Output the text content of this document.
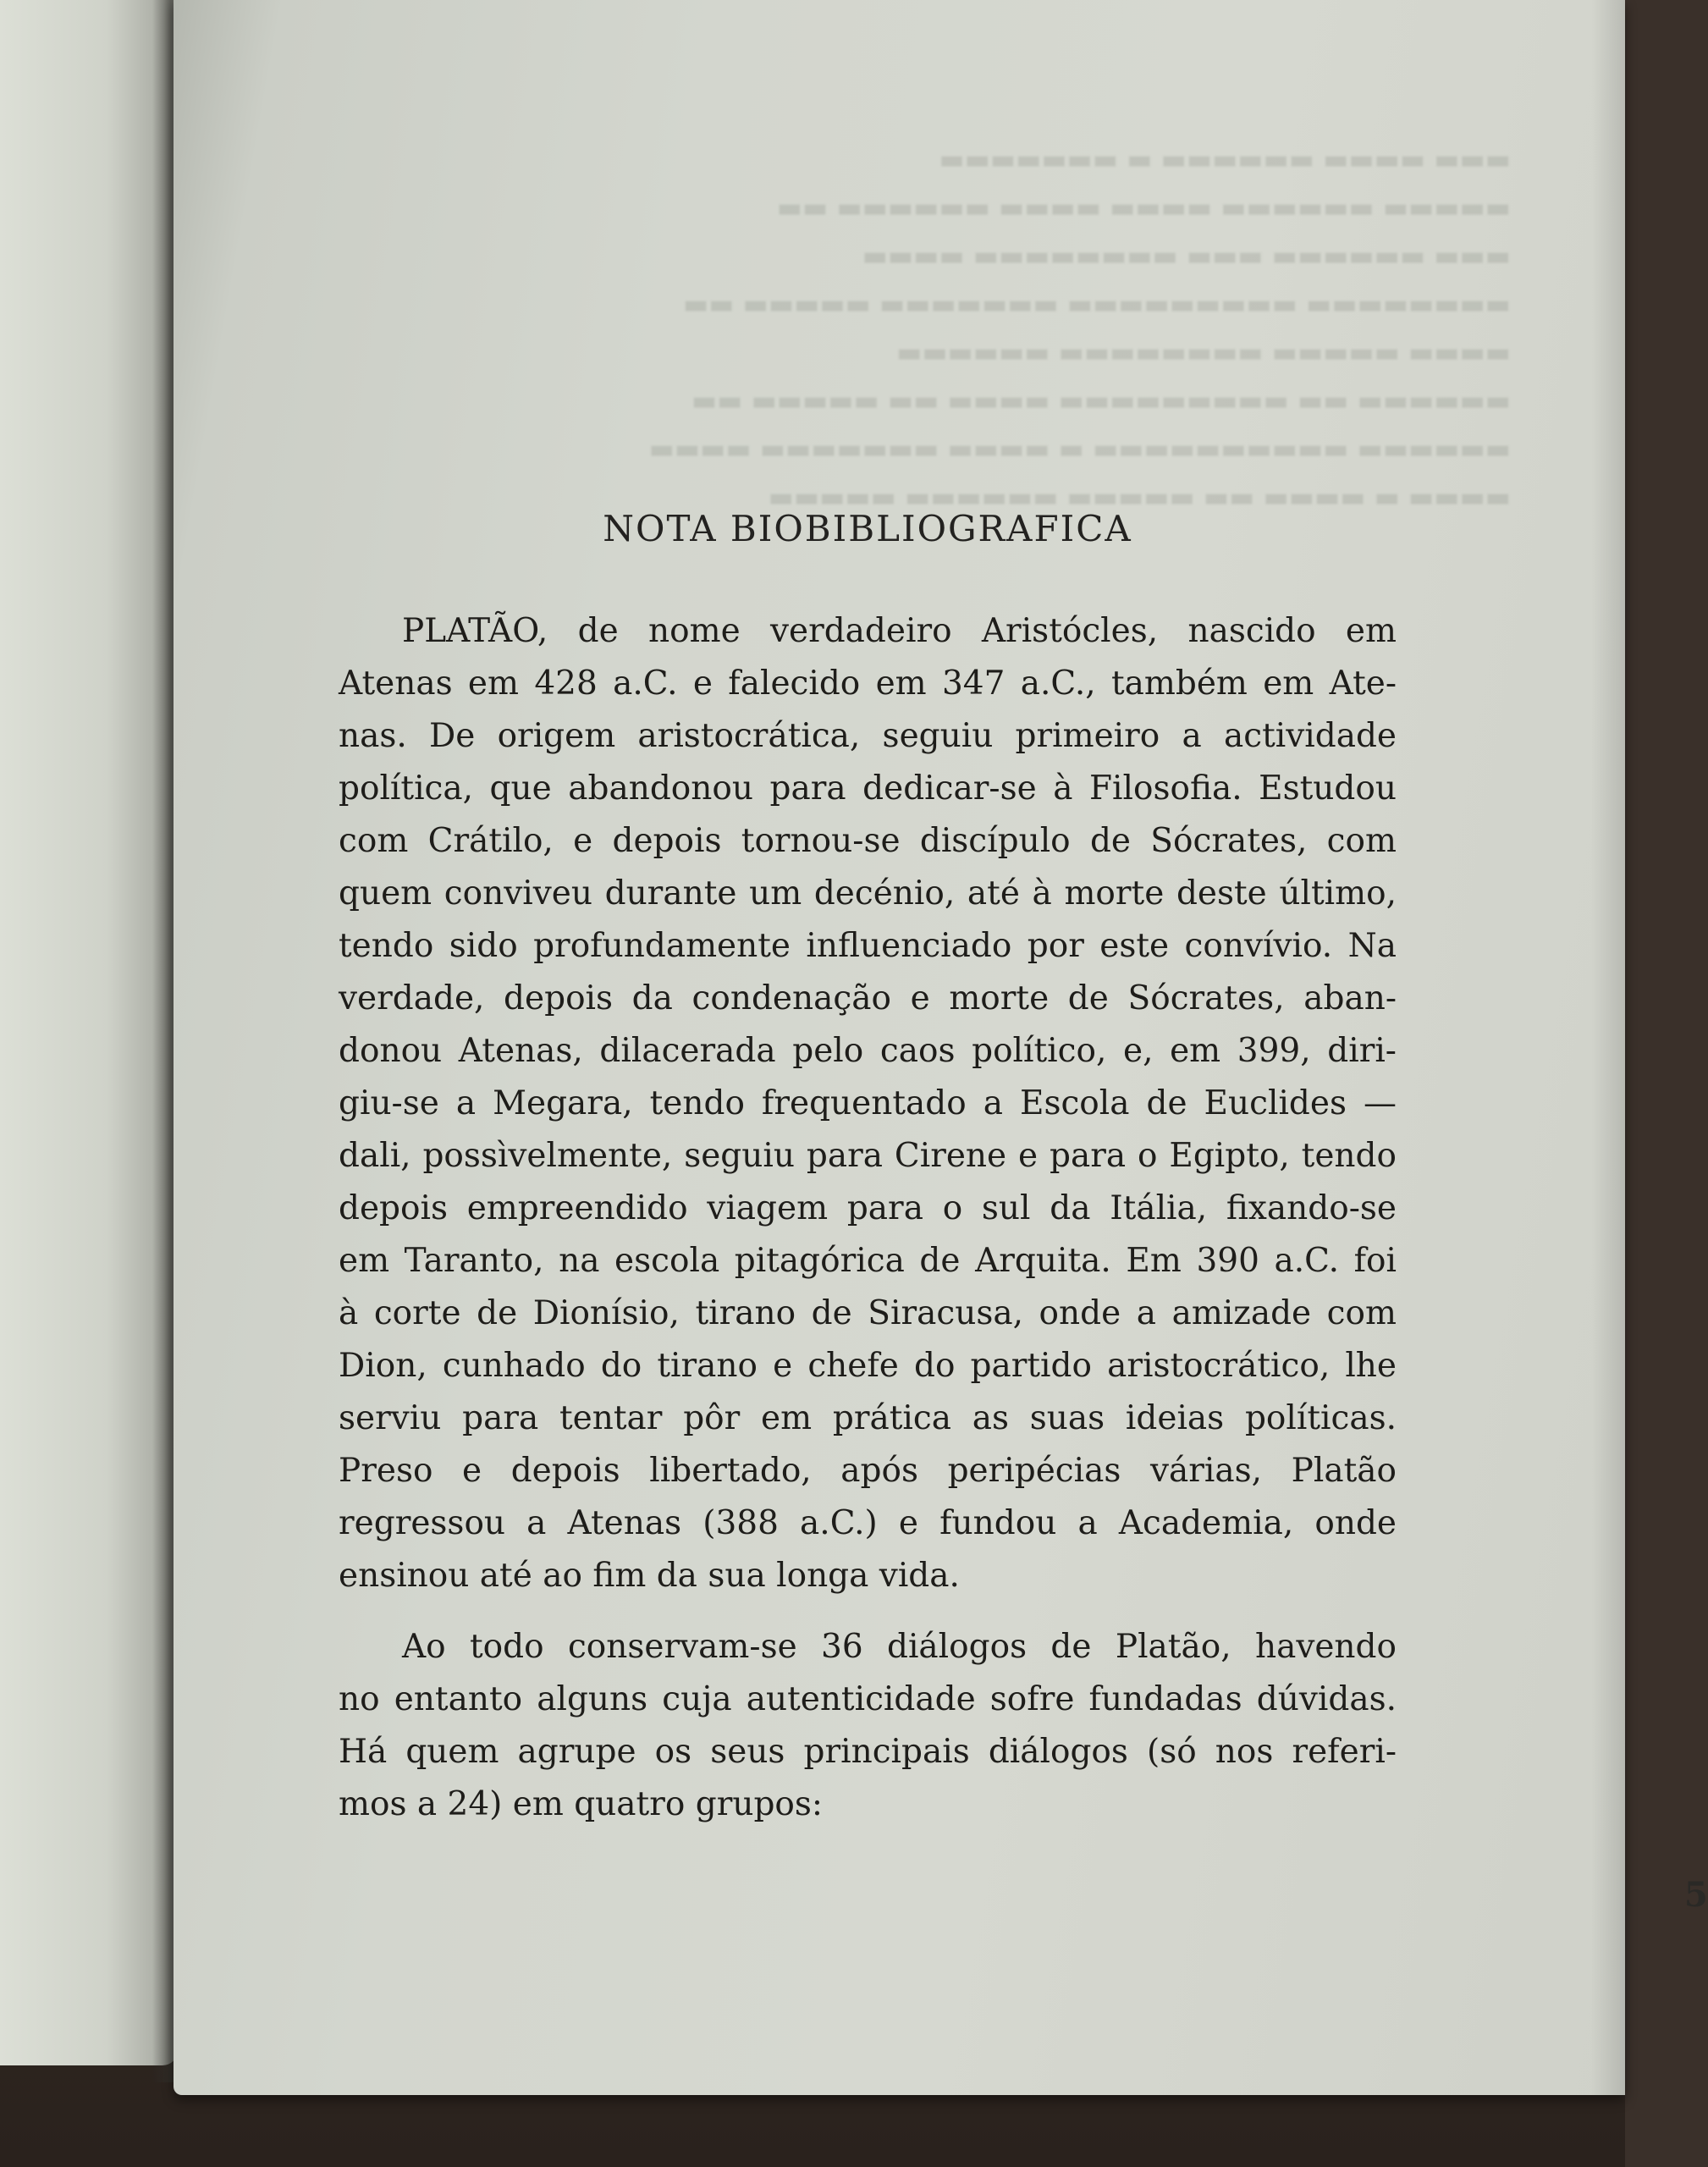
▬▬▬ ▬▬▬▬ ▬▬▬▬▬▬ ▬ ▬▬▬▬▬▬▬
▬▬▬▬▬ ▬▬▬▬▬▬ ▬▬▬▬ ▬▬▬▬ ▬▬▬▬▬▬ ▬▬
▬▬▬ ▬▬▬▬▬▬ ▬▬▬ ▬▬▬▬▬▬▬▬ ▬▬▬▬
▬▬▬▬▬▬▬▬ ▬▬▬▬▬▬▬▬▬ ▬▬▬▬▬▬▬ ▬▬▬▬▬ ▬▬
▬▬▬▬ ▬▬▬▬▬ ▬▬▬▬▬▬▬▬ ▬▬▬▬▬▬
▬▬▬▬▬▬ ▬▬ ▬▬▬▬▬▬▬▬▬ ▬▬▬▬ ▬▬ ▬▬▬▬▬ ▬▬
▬▬▬▬▬▬ ▬▬▬▬▬▬▬▬▬▬ ▬ ▬▬▬▬ ▬▬▬▬▬▬▬ ▬▬▬▬
▬▬▬▬ ▬ ▬▬▬▬ ▬▬ ▬▬▬▬▬ ▬▬▬▬▬▬ ▬▬▬▬▬
NOTA BIOBIBLIOGRAFICA
PLATÃO, de nome verdadeiro Aristócles, nascido em
Atenas em 428 a.C. e falecido em 347 a.C., também em Ate-
nas. De origem aristocrática, seguiu primeiro a actividade
política, que abandonou para dedicar-se à Filosofia. Estudou
com Crátilo, e depois tornou-se discípulo de Sócrates, com
quem conviveu durante um decénio, até à morte deste último,
tendo sido profundamente influenciado por este convívio. Na
verdade, depois da condenação e morte de Sócrates, aban-
donou Atenas, dilacerada pelo caos político, e, em 399, diri-
giu-se a Megara, tendo frequentado a Escola de Euclides —
dali, possìvelmente, seguiu para Cirene e para o Egipto, tendo
depois empreendido viagem para o sul da Itália, fixando-se
em Taranto, na escola pitagórica de Arquita. Em 390 a.C. foi
à corte de Dionísio, tirano de Siracusa, onde a amizade com
Dion, cunhado do tirano e chefe do partido aristocrático, lhe
serviu para tentar pôr em prática as suas ideias políticas.
Preso e depois libertado, após peripécias várias, Platão
regressou a Atenas (388 a.C.) e fundou a Academia, onde
ensinou até ao fim da sua longa vida.
Ao todo conservam-se 36 diálogos de Platão, havendo
no entanto alguns cuja autenticidade sofre fundadas dúvidas.
Há quem agrupe os seus principais diálogos (só nos referi-
mos a 24) em quatro grupos:
5
